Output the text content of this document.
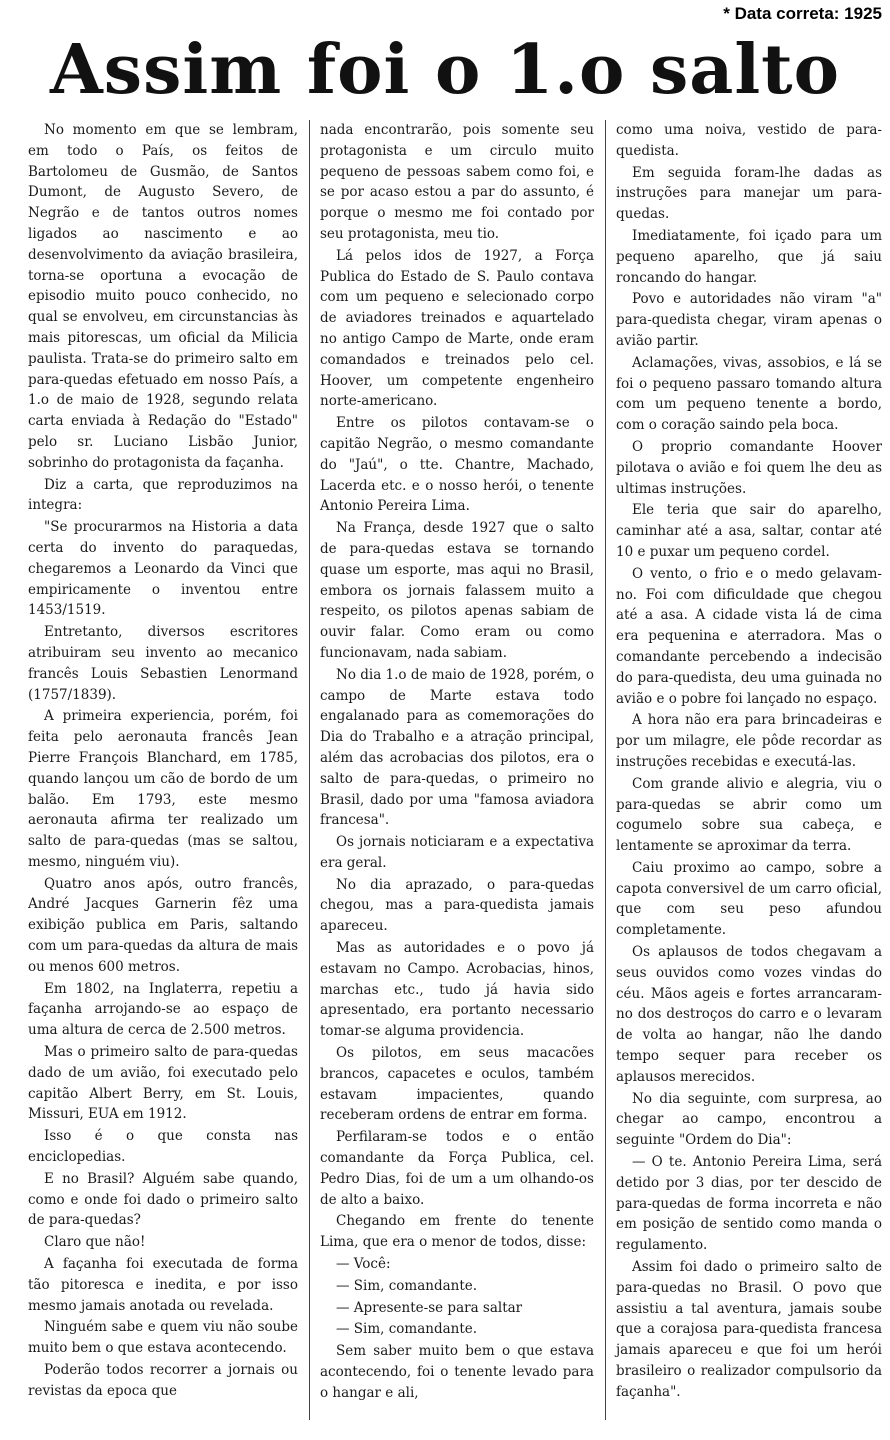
* Data correta: 1925
Assim foi o 1.o salto

No momento em que se lembram, em todo o País, os feitos de Bartolomeu de Gusmão, de Santos Dumont, de Augusto Severo, de Negrão e de tantos outros nomes ligados ao nascimento e ao desenvolvimento da aviação brasileira, torna-se oportuna a evocação de episodio muito pouco conhecido, no qual se envolveu, em circunstancias às mais pitorescas, um oficial da Milicia paulista. Trata-se do primeiro salto em para-quedas efetuado em nosso País, a 1.o de maio de 1928, segundo relata carta enviada à Redação do "Estado" pelo sr. Luciano Lisbão Junior, sobrinho do protagonista da façanha.

Diz a carta, que reproduzimos na integra:

"Se procurarmos na Historia a data certa do invento do paraquedas, chegaremos a Leonardo da Vinci que empiricamente o inventou entre 1453/1519.

Entretanto, diversos escritores atribuiram seu invento ao mecanico francês Louis Sebastien Lenormand (1757/1839).

A primeira experiencia, porém, foi feita pelo aeronauta francês Jean Pierre François Blanchard, em 1785, quando lançou um cão de bordo de um balão. Em 1793, este mesmo aeronauta afirma ter realizado um salto de para-quedas (mas se saltou, mesmo, ninguém viu).

Quatro anos após, outro francês, André Jacques Garnerin fêz uma exibição publica em Paris, saltando com um para-quedas da altura de mais ou menos 600 metros.

Em 1802, na Inglaterra, repetiu a façanha arrojando-se ao espaço de uma altura de cerca de 2.500 metros.

Mas o primeiro salto de para-quedas dado de um avião, foi executado pelo capitão Albert Berry, em St. Louis, Missuri, EUA em 1912.

Isso é o que consta nas enciclopedias.

E no Brasil? Alguém sabe quando, como e onde foi dado o primeiro salto de para-quedas?

Claro que não!

A façanha foi executada de forma tão pitoresca e inedita, e por isso mesmo jamais anotada ou revelada.

Ninguém sabe e quem viu não soube muito bem o que estava acontecendo.

Poderão todos recorrer a jornais ou revistas da epoca que

nada encontrarão, pois somente seu protagonista e um circulo muito pequeno de pessoas sabem como foi, e se por acaso estou a par do assunto, é porque o mesmo me foi contado por seu protagonista, meu tio.

Lá pelos idos de 1927, a Força Publica do Estado de S. Paulo contava com um pequeno e selecionado corpo de aviadores treinados e aquartelado no antigo Campo de Marte, onde eram comandados e treinados pelo cel. Hoover, um competente engenheiro norte-americano.

Entre os pilotos contavam-se o capitão Negrão, o mesmo comandante do "Jaú", o tte. Chantre, Machado, Lacerda etc. e o nosso herói, o tenente Antonio Pereira Lima.

Na França, desde 1927 que o salto de para-quedas estava se tornando quase um esporte, mas aqui no Brasil, embora os jornais falassem muito a respeito, os pilotos apenas sabiam de ouvir falar. Como eram ou como funcionavam, nada sabiam.

No dia 1.o de maio de 1928, porém, o campo de Marte estava todo engalanado para as comemorações do Dia do Trabalho e a atração principal, além das acrobacias dos pilotos, era o salto de para-quedas, o primeiro no Brasil, dado por uma "famosa aviadora francesa".

Os jornais noticiaram e a expectativa era geral.

No dia aprazado, o para-quedas chegou, mas a para-quedista jamais apareceu.

Mas as autoridades e o povo já estavam no Campo. Acrobacias, hinos, marchas etc., tudo já havia sido apresentado, era portanto necessario tomar-se alguma providencia.

Os pilotos, em seus macacões brancos, capacetes e oculos, também estavam impacientes, quando receberam ordens de entrar em forma.

Perfilaram-se todos e o então comandante da Força Publica, cel. Pedro Dias, foi de um a um olhando-os de alto a baixo.

Chegando em frente do tenente Lima, que era o menor de todos, disse:

— Você:

— Sim, comandante.

— Apresente-se para saltar

— Sim, comandante.

Sem saber muito bem o que estava acontecendo, foi o tenente levado para o hangar e ali,

como uma noiva, vestido de para-quedista.

Em seguida foram-lhe dadas as instruções para manejar um para-quedas.

Imediatamente, foi içado para um pequeno aparelho, que já saiu roncando do hangar.

Povo e autoridades não viram "a" para-quedista chegar, viram apenas o avião partir.

Aclamações, vivas, assobios, e lá se foi o pequeno passaro tomando altura com um pequeno tenente a bordo, com o coração saindo pela boca.

O proprio comandante Hoover pilotava o avião e foi quem lhe deu as ultimas instruções.

Ele teria que sair do aparelho, caminhar até a asa, saltar, contar até 10 e puxar um pequeno cordel.

O vento, o frio e o medo gelavam-no. Foi com dificuldade que chegou até a asa. A cidade vista lá de cima era pequenina e aterradora. Mas o comandante percebendo a indecisão do para-quedista, deu uma guinada no avião e o pobre foi lançado no espaço.

A hora não era para brincadeiras e por um milagre, ele pôde recordar as instruções recebidas e executá-las.

Com grande alivio e alegria, viu o para-quedas se abrir como um cogumelo sobre sua cabeça, e lentamente se aproximar da terra.

Caiu proximo ao campo, sobre a capota conversivel de um carro oficial, que com seu peso afundou completamente.

Os aplausos de todos chegavam a seus ouvidos como vozes vindas do céu. Mãos ageis e fortes arrancaram-no dos destroços do carro e o levaram de volta ao hangar, não lhe dando tempo sequer para receber os aplausos merecidos.

No dia seguinte, com surpresa, ao chegar ao campo, encontrou a seguinte "Ordem do Dia":

— O te. Antonio Pereira Lima, será detido por 3 dias, por ter descido de para-quedas de forma incorreta e não em posição de sentido como manda o regulamento.

Assim foi dado o primeiro salto de para-quedas no Brasil. O povo que assistiu a tal aventura, jamais soube que a corajosa para-quedista francesa jamais apareceu e que foi um herói brasileiro o realizador compulsorio da façanha".
